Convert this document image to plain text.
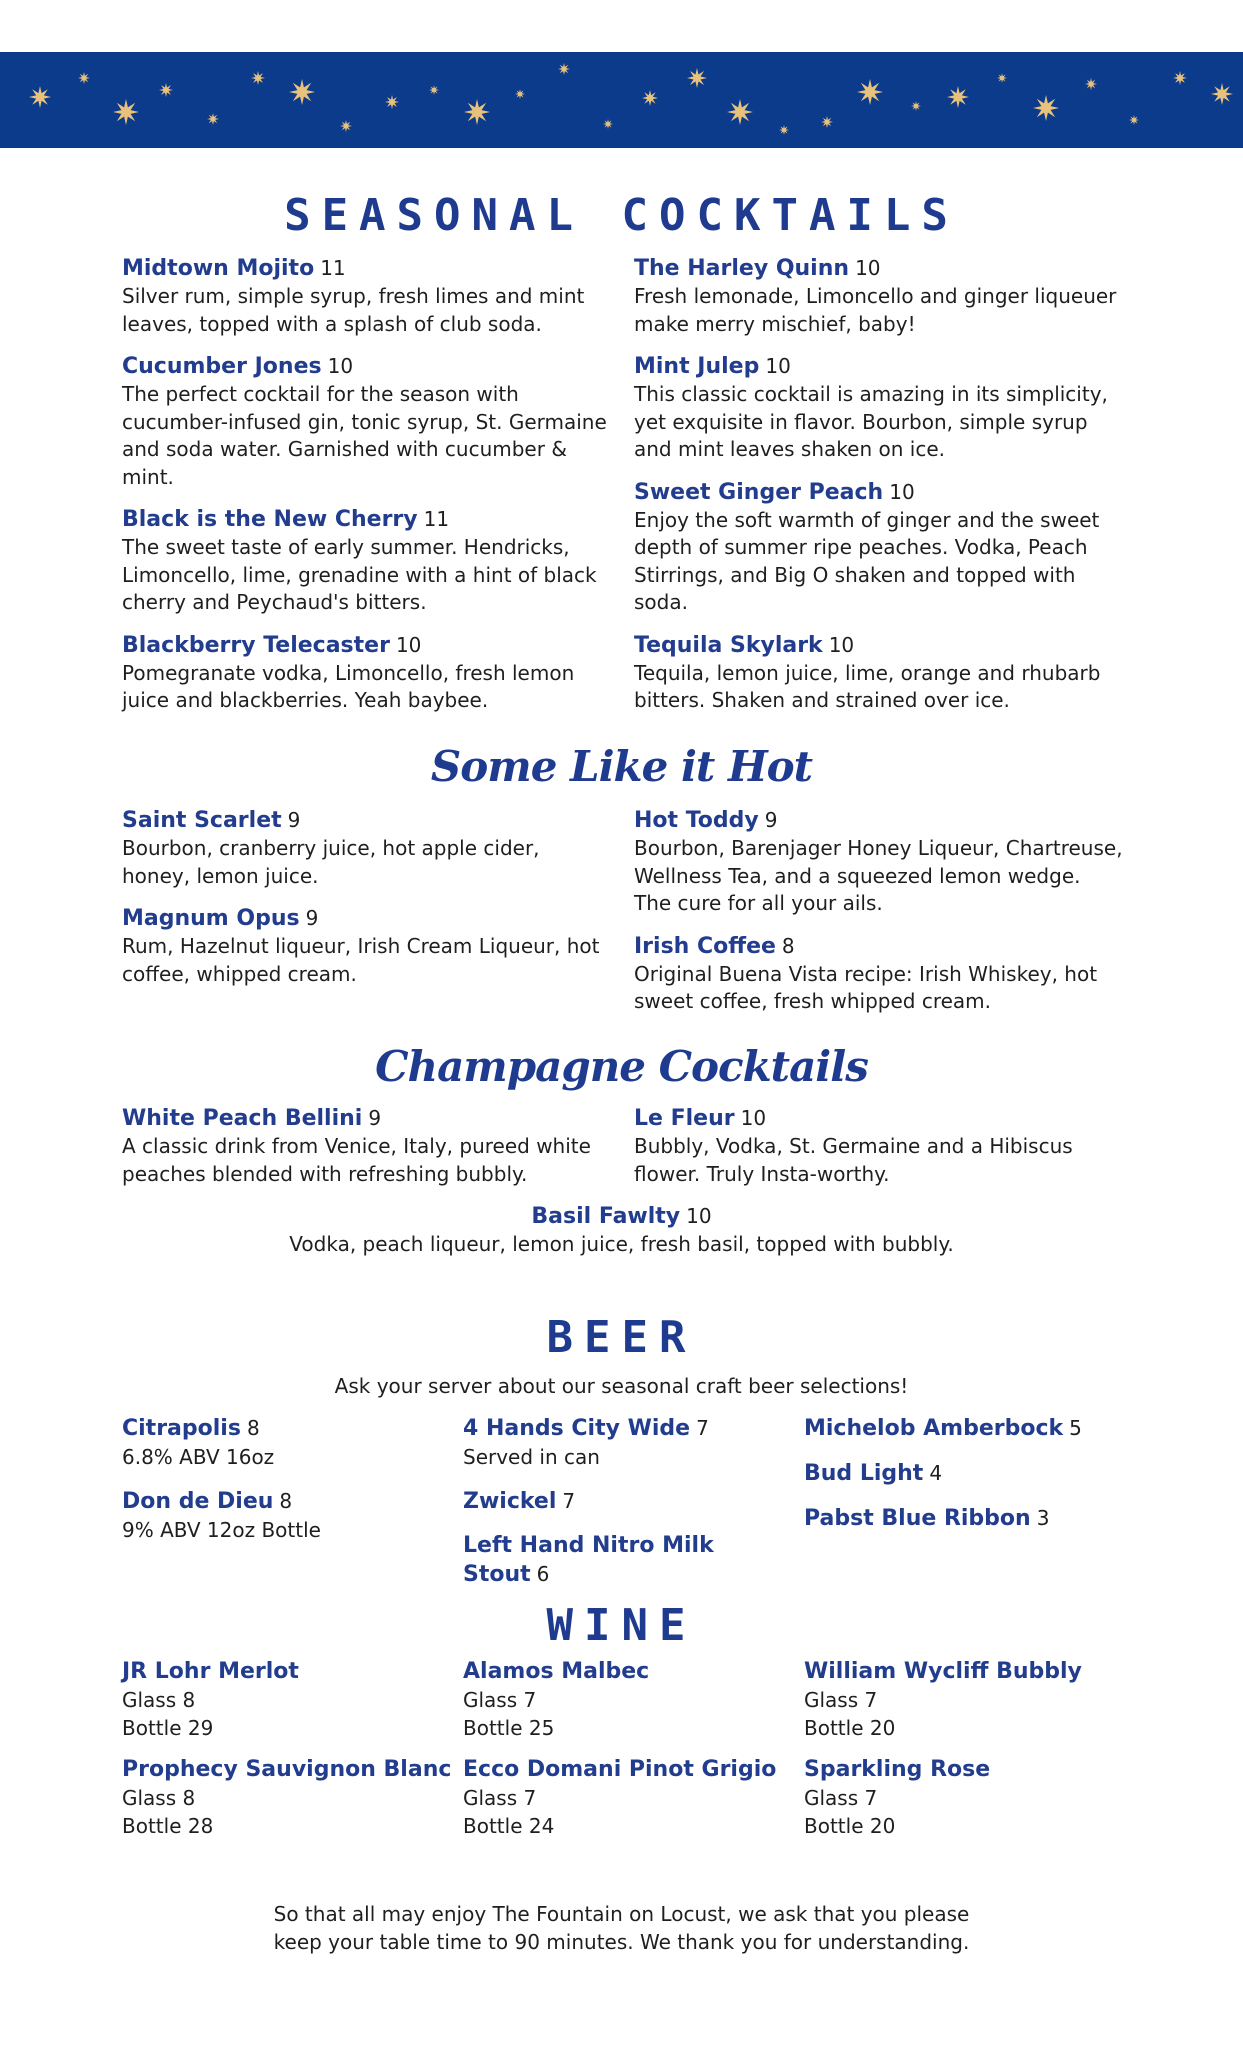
SEASONAL COCKTAILS
Midtown Mojito 11
Silver rum, simple syrup, fresh limes and mint leaves, topped with a splash of club soda.
Cucumber Jones 10
The perfect cocktail for the season with cucumber-infused gin, tonic syrup, St. Germaine and soda water. Garnished with cucumber & mint.
Black is the New Cherry 11
The sweet taste of early summer. Hendricks, Limoncello, lime, grenadine with a hint of black cherry and Peychaud's bitters.
Blackberry Telecaster 10
Pomegranate vodka, Limoncello, fresh lemon juice and blackberries. Yeah baybee.
The Harley Quinn 10
Fresh lemonade, Limoncello and ginger liqueuer make merry mischief, baby!
Mint Julep 10
This classic cocktail is amazing in its simplicity, yet exquisite in flavor. Bourbon, simple syrup and mint leaves shaken on ice.
Sweet Ginger Peach 10
Enjoy the soft warmth of ginger and the sweet depth of summer ripe peaches. Vodka, Peach Stirrings, and Big O shaken and topped with soda.
Tequila Skylark 10
Tequila, lemon juice, lime, orange and rhubarb bitters. Shaken and strained over ice.
Some Like it Hot
Saint Scarlet 9
Bourbon, cranberry juice, hot apple cider, honey, lemon juice.
Magnum Opus 9
Rum, Hazelnut liqueur, Irish Cream Liqueur, hot coffee, whipped cream.
Hot Toddy 9
Bourbon, Barenjager Honey Liqueur, Chartreuse, Wellness Tea, and a squeezed lemon wedge. The cure for all your ails.
Irish Coffee 8
Original Buena Vista recipe: Irish Whiskey, hot sweet coffee, fresh whipped cream.
Champagne Cocktails
White Peach Bellini 9
A classic drink from Venice, Italy, pureed white peaches blended with refreshing bubbly.
Le Fleur 10
Bubbly, Vodka, St. Germaine and a Hibiscus flower. Truly Insta-worthy.
Basil Fawlty 10
Vodka, peach liqueur, lemon juice, fresh basil, topped with bubbly.
BEER
Ask your server about our seasonal craft beer selections!
Citrapolis 8
6.8% ABV 16oz
Don de Dieu 8
9% ABV 12oz Bottle
4 Hands City Wide 7
Served in can
Zwickel 7
Left Hand Nitro Milk Stout 6
Michelob Amberbock 5
Bud Light 4
Pabst Blue Ribbon 3
WINE
JR Lohr Merlot
Glass 8
Bottle 29
Prophecy Sauvignon Blanc
Glass 8
Bottle 28
Alamos Malbec
Glass 7
Bottle 25
Ecco Domani Pinot Grigio
Glass 7
Bottle 24
William Wycliff Bubbly
Glass 7
Bottle 20
Sparkling Rose
Glass 7
Bottle 20
So that all may enjoy The Fountain on Locust, we ask that you please
keep your table time to 90 minutes. We thank you for understanding.
